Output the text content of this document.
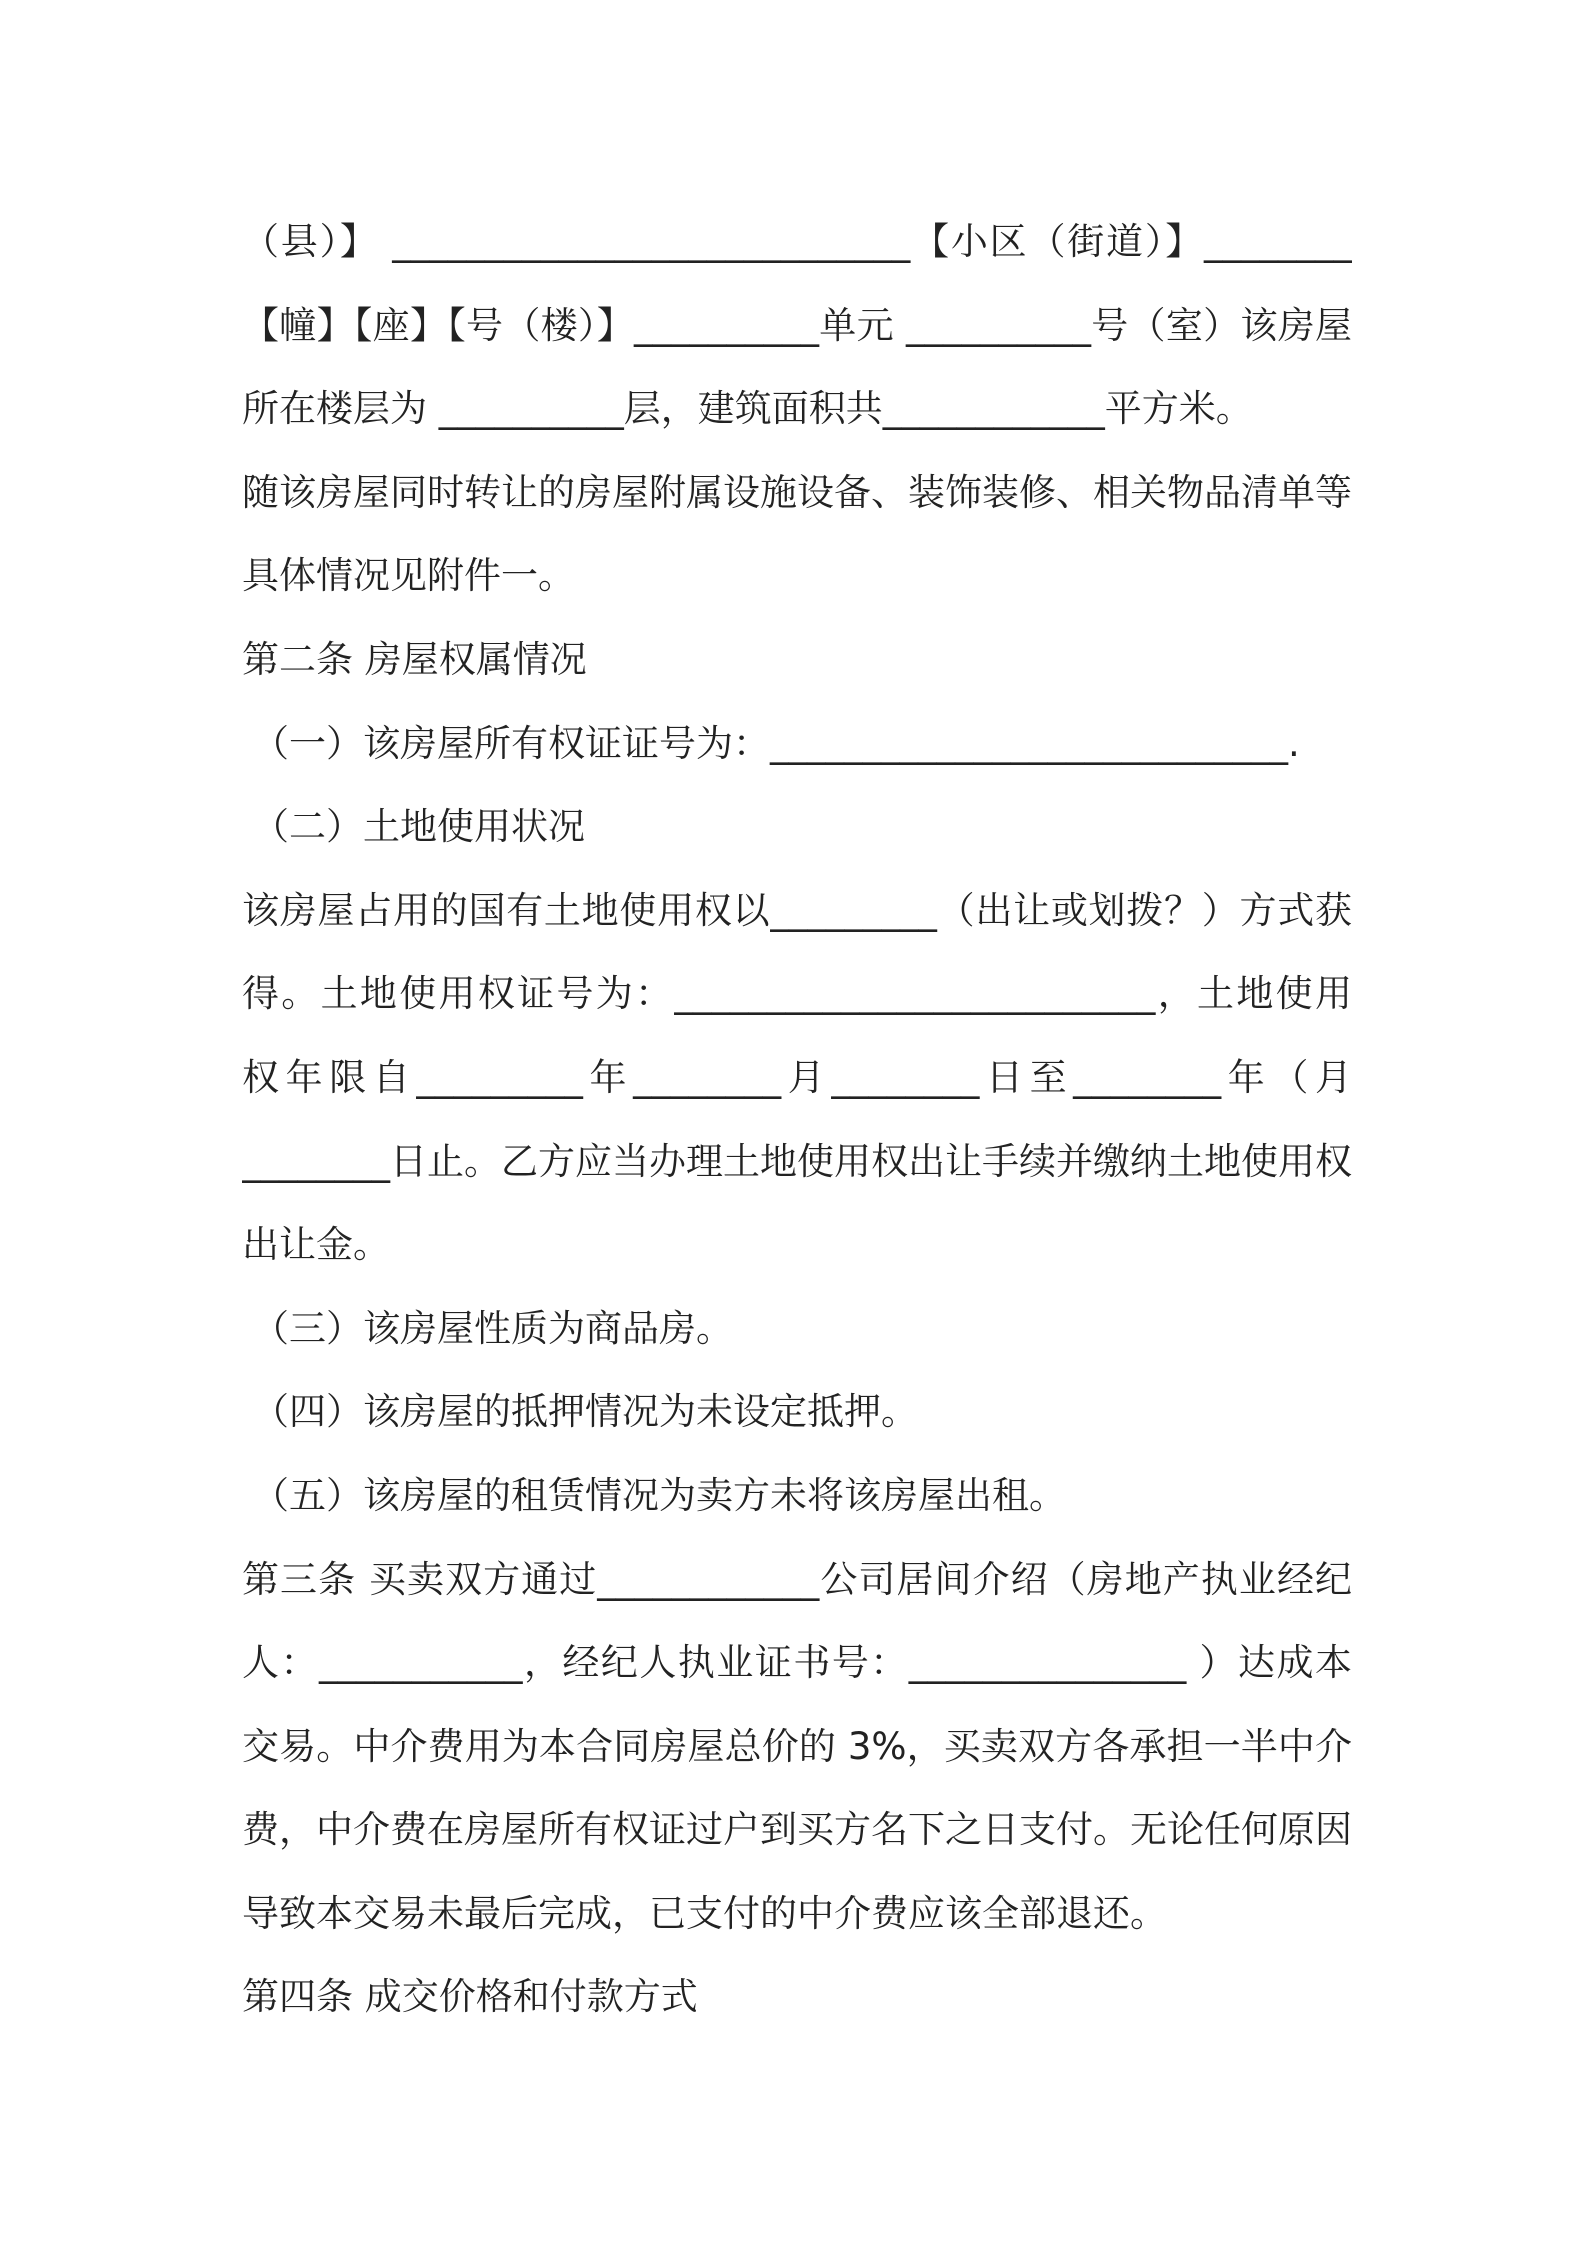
（县）】 ____________________________【小区（街道）】________
【幢】【座】【号（楼）】__________单元 __________号（室）该房屋
所在楼层为 __________层，建筑面积共____________平方米。
随该房屋同时转让的房屋附属设施设备、装饰装修、相关物品清单等
具体情况见附件一。
第二条 房屋权属情况
（一）该房屋所有权证证号为：____________________________.
（二）土地使用状况
该房屋占用的国有土地使用权以_________（出让或划拨？）方式获
得。土地使用权证号为：__________________________，土地使用
权年限自_________年________月________日至________年（月
________日止。乙方应当办理土地使用权出让手续并缴纳土地使用权
出让金。
（三）该房屋性质为商品房。
（四）该房屋的抵押情况为未设定抵押。
（五）该房屋的租赁情况为卖方未将该房屋出租。
第三条 买卖双方通过____________公司居间介绍（房地产执业经纪
人：___________，经纪人执业证书号：_______________ ）达成本
交易。中介费用为本合同房屋总价的 3%，买卖双方各承担一半中介
费，中介费在房屋所有权证过户到买方名下之日支付。无论任何原因
导致本交易未最后完成，已支付的中介费应该全部退还。
第四条 成交价格和付款方式
